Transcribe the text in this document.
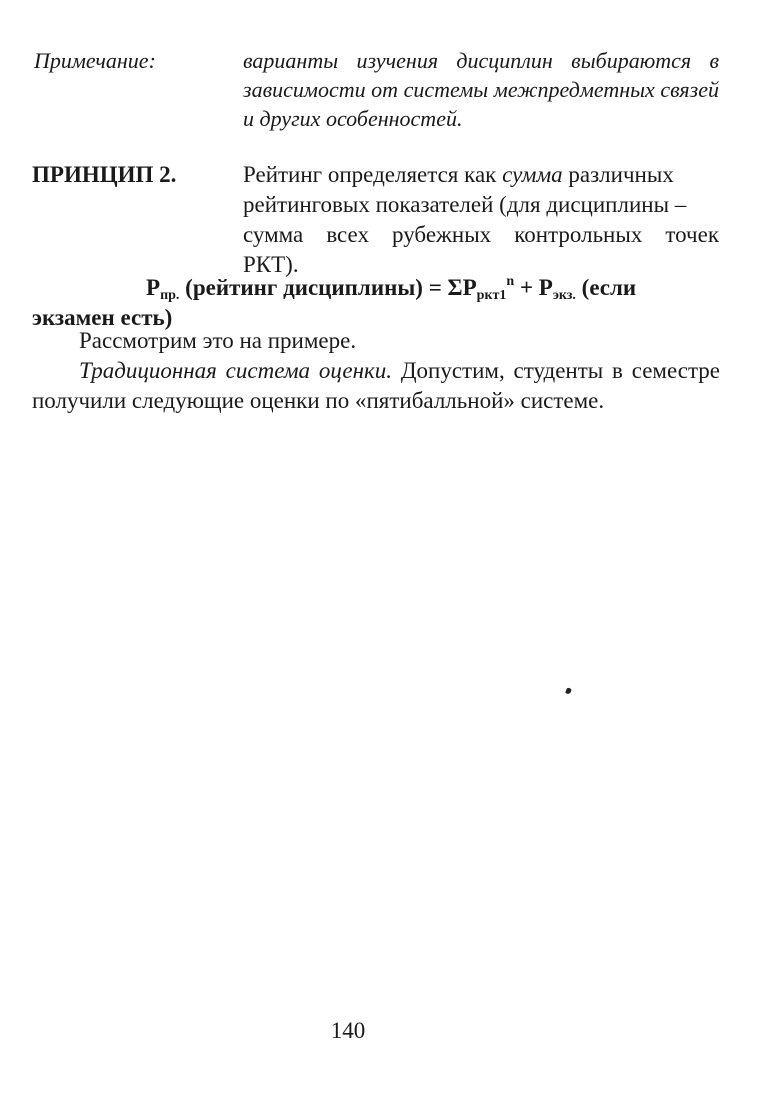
Примечание:	варианты изучения дисциплин выбираются в зависимости от системы межпредметных связей и других особенностей.
ПРИНЦИП 2.	Рейтинг определяется как сумма различных
рейтинговых показателей (для дисциплины –
сумма всех рубежных контрольных точек
РКТ).
$Р_{пр.}$ (рейтинг дисциплины) = $\Sigma Р_{ркт1}^n + Р_{экз.}$ (если
экзамен есть)
Рассмотрим это на примере.
Традиционная система оценки. Допустим, студенты в семестре получили следующие оценки по «пятибалльной» системе.
140
